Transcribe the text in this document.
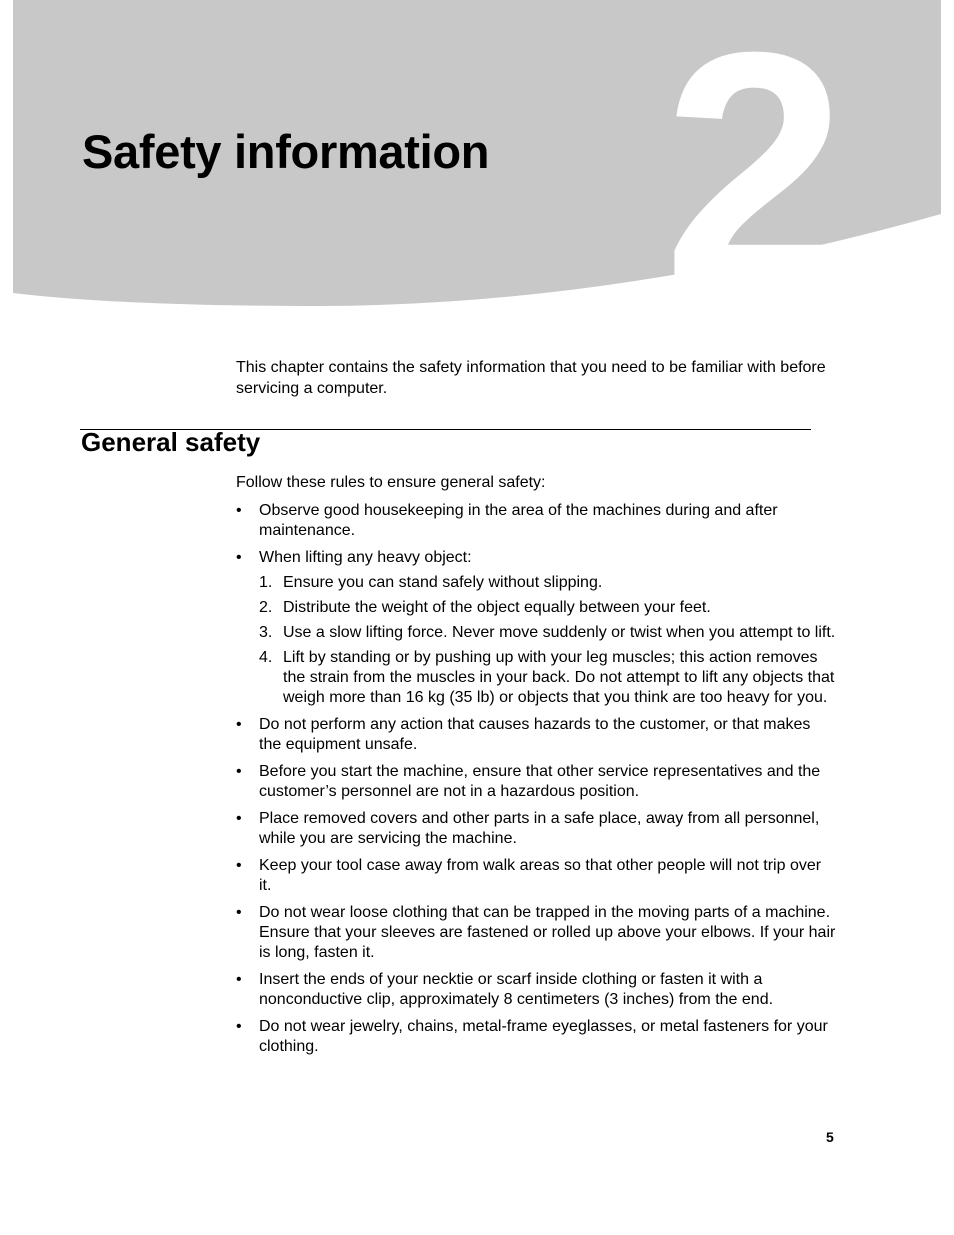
2
Safety information

This chapter contains the safety information that you need to be familiar with before servicing a computer.

General safety

Follow these rules to ensure general safety:

• Observe good housekeeping in the area of the machines during and after maintenance.
• When lifting any heavy object:
1. Ensure you can stand safely without slipping.
2. Distribute the weight of the object equally between your feet.
3. Use a slow lifting force. Never move suddenly or twist when you attempt to lift.
4. Lift by standing or by pushing up with your leg muscles; this action removes the strain from the muscles in your back. Do not attempt to lift any objects that weigh more than 16 kg (35 lb) or objects that you think are too heavy for you.
• Do not perform any action that causes hazards to the customer, or that makes the equipment unsafe.
• Before you start the machine, ensure that other service representatives and the customer’s personnel are not in a hazardous position.
• Place removed covers and other parts in a safe place, away from all personnel, while you are servicing the machine.
• Keep your tool case away from walk areas so that other people will not trip over it.
• Do not wear loose clothing that can be trapped in the moving parts of a machine. Ensure that your sleeves are fastened or rolled up above your elbows. If your hair is long, fasten it.
• Insert the ends of your necktie or scarf inside clothing or fasten it with a nonconductive clip, approximately 8 centimeters (3 inches) from the end.
• Do not wear jewelry, chains, metal-frame eyeglasses, or metal fasteners for your clothing.
5
